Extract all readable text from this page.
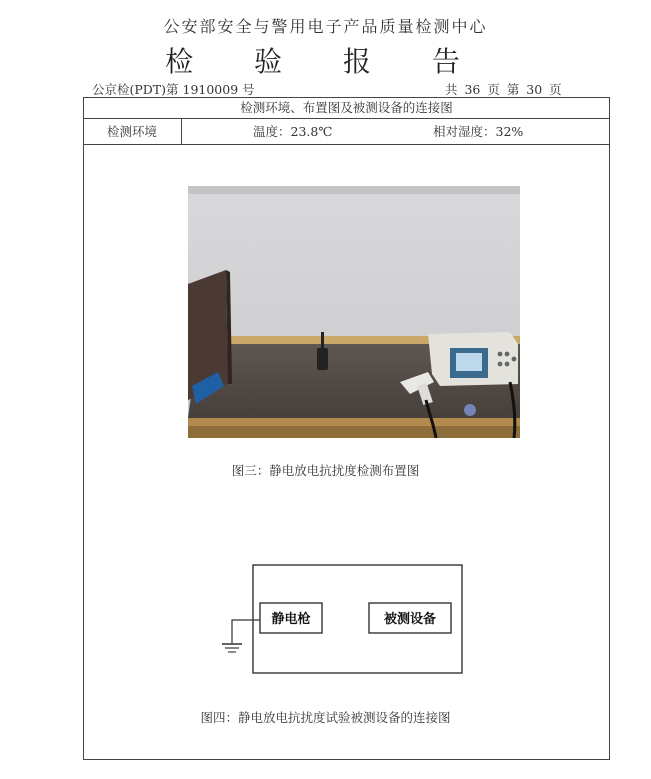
公安部安全与警用电子产品质量检测中心
检 验 报 告
公京检(PDT)第 1910009 号	共 36 页 第 30 页
检测环境、布置图及被测设备的连接图
检测环境	温度：23.8℃	相对湿度：32%
图三：静电放电抗扰度检测布置图
静电枪	被测设备
图四：静电放电抗扰度试验被测设备的连接图
